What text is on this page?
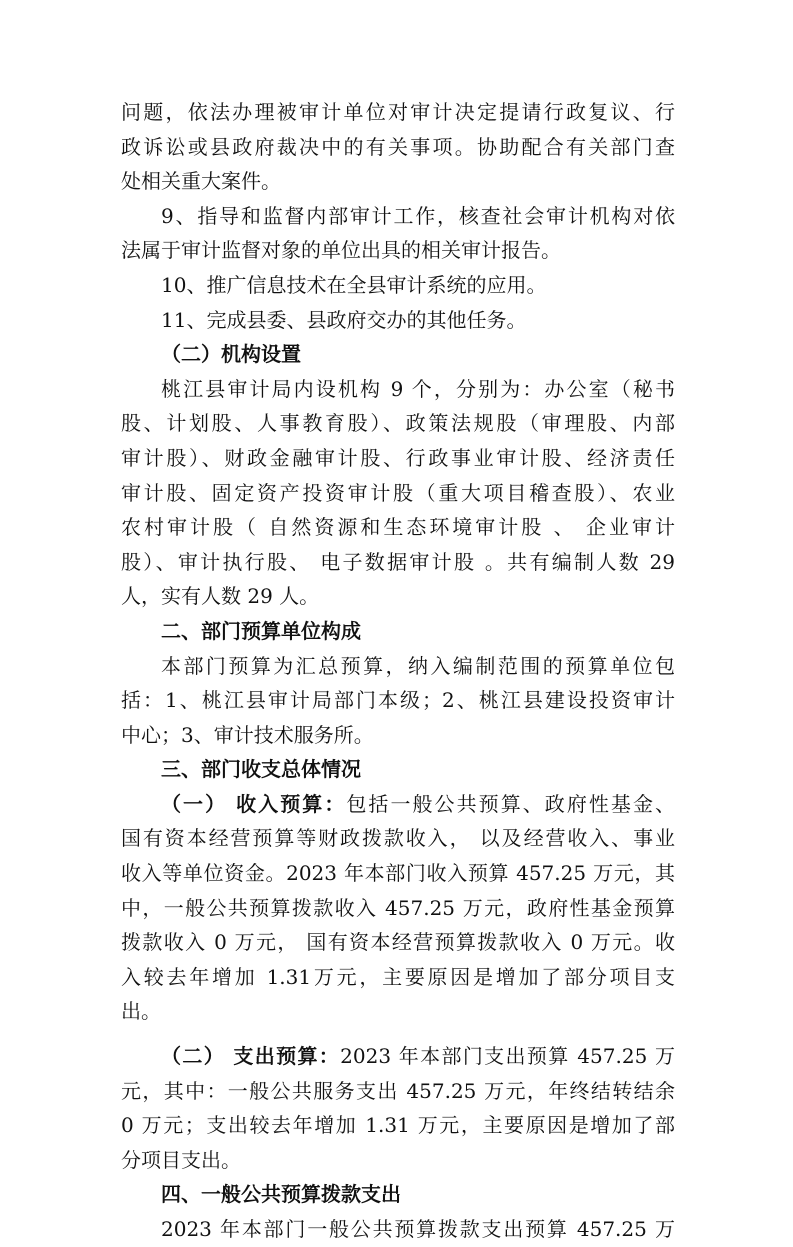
问题，依法办理被审计单位对审计决定提请行政复议、行
政诉讼或县政府裁决中的有关事项。协助配合有关部门查
处相关重大案件。
9、指导和监督内部审计工作，核查社会审计机构对依
法属于审计监督对象的单位出具的相关审计报告。
10、推广信息技术在全县审计系统的应用。
11、完成县委、县政府交办的其他任务。
（二）机构设置
桃江县审计局内设机构 9 个，分别为：办公室（秘书
股、计划股、人事教育股）、政策法规股（审理股、内部
审计股）、财政金融审计股、行政事业审计股、经济责任
审计股、固定资产投资审计股（重大项目稽查股）、农业
农村审计股（ 自然资源和生态环境审计股 、 企业审计
股）、审计执行股、 电子数据审计股 。共有编制人数 29
人，实有人数 29 人。
二、部门预算单位构成
本部门预算为汇总预算，纳入编制范围的预算单位包
括：1、桃江县审计局部门本级；2、桃江县建设投资审计
中心；3、审计技术服务所。
三、部门收支总体情况
（一） 收入预算：包括一般公共预算、政府性基金、
国有资本经营预算等财政拨款收入， 以及经营收入、事业
收入等单位资金。2023 年本部门收入预算 457.25 万元，其
中，一般公共预算拨款收入 457.25 万元，政府性基金预算
拨款收入 0 万元， 国有资本经营预算拨款收入 0 万元。收
入较去年增加 1.31万元，主要原因是增加了部分项目支
出。
（二） 支出预算：2023 年本部门支出预算 457.25 万
元，其中：一般公共服务支出 457.25 万元，年终结转结余
0 万元；支出较去年增加 1.31 万元，主要原因是增加了部
分项目支出。
四、一般公共预算拨款支出
2023 年本部门一般公共预算拨款支出预算 457.25 万
